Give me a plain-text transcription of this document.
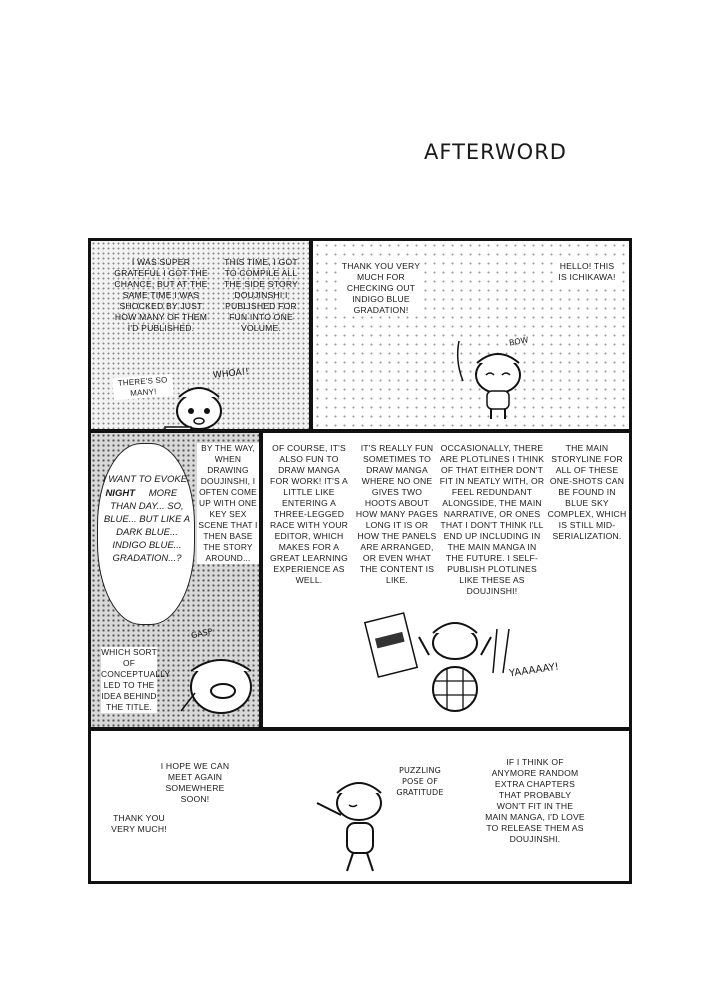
AFTERWORD
I WAS SUPER GRATEFUL I GOT THE CHANCE, BUT AT THE SAME TIME I WAS SHOCKED BY JUST HOW MANY OF THEM I'D PUBLISHED.
THIS TIME, I GOT TO COMPILE ALL THE SIDE STORY DOUJINSHI I PUBLISHED FOR FUN INTO ONE VOLUME.
WHOA!!
THERE'S SO MANY!
THANK YOU VERY MUCH FOR CHECKING OUT INDIGO BLUE GRADATION!
HELLO! THIS IS ICHIKAWA!
BOW
I WANT TO EVOKE
NIGHT	MORE THAN DAY... SO, BLUE... BUT LIKE A DARK BLUE... INDIGO BLUE... GRADATION...?
BY THE WAY, WHEN DRAWING DOUJINSHI, I OFTEN COME UP WITH ONE KEY SEX SCENE THAT I THEN BASE THE STORY AROUND...
WHICH SORT OF CONCEPTUALLY LED TO THE IDEA BEHIND THE TITLE.
GASP
OF COURSE, IT'S ALSO FUN TO DRAW MANGA FOR WORK! IT'S A LITTLE LIKE ENTERING A THREE-LEGGED RACE WITH YOUR EDITOR, WHICH MAKES FOR A GREAT LEARNING EXPERIENCE AS WELL.
IT'S REALLY FUN SOMETIMES TO DRAW MANGA WHERE NO ONE GIVES TWO HOOTS ABOUT HOW MANY PAGES LONG IT IS OR HOW THE PANELS ARE ARRANGED, OR EVEN WHAT THE CONTENT IS LIKE.
OCCASIONALLY, THERE ARE PLOTLINES I THINK OF THAT EITHER DON'T FIT IN NEATLY WITH, OR FEEL REDUNDANT ALONGSIDE, THE MAIN NARRATIVE, OR ONES THAT I DON'T THINK I'LL END UP INCLUDING IN THE MAIN MANGA IN THE FUTURE. I SELF-PUBLISH PLOTLINES LIKE THESE AS DOUJINSHI!
THE MAIN STORYLINE FOR ALL OF THESE ONE-SHOTS CAN BE FOUND IN BLUE SKY COMPLEX, WHICH IS STILL MID-SERIALIZATION.
YAAAAAY!
I HOPE WE CAN MEET AGAIN SOMEWHERE SOON!
THANK YOU VERY MUCH!
PUZZLING POSE OF GRATITUDE
IF I THINK OF ANYMORE RANDOM EXTRA CHAPTERS THAT PROBABLY WON'T FIT IN THE MAIN MANGA, I'D LOVE TO RELEASE THEM AS DOUJINSHI.
